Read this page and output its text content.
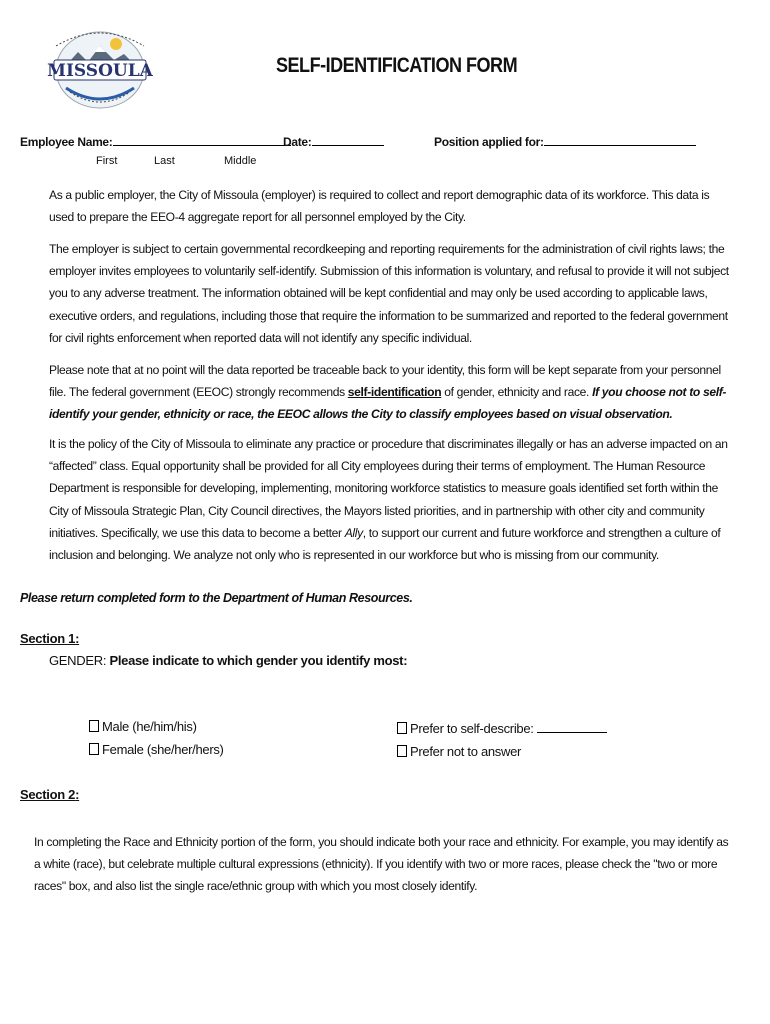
MISSOULA	SELF-IDENTIFICATION FORM
Employee Name:	Date:	Position applied for:
First	Last	Middle

As a public employer, the City of Missoula (employer) is required to collect and report demographic data of its workforce. This data is used to prepare the EEO-4 aggregate report for all personnel employed by the City.

The employer is subject to certain governmental recordkeeping and reporting requirements for the administration of civil rights laws; the employer invites employees to voluntarily self-identify. Submission of this information is voluntary, and refusal to provide it will not subject you to any adverse treatment. The information obtained will be kept confidential and may only be used according to applicable laws, executive orders, and regulations, including those that require the information to be summarized and reported to the federal government for civil rights enforcement when reported data will not identify any specific individual.

Please note that at no point will the data reported be traceable back to your identity, this form will be kept separate from your personnel file. The federal government (EEOC) strongly recommends self-identification of gender, ethnicity and race. If you choose not to self-identify your gender, ethnicity or race, the EEOC allows the City to classify employees based on visual observation.

It is the policy of the City of Missoula to eliminate any practice or procedure that discriminates illegally or has an adverse impacted on an “affected” class. Equal opportunity shall be provided for all City employees during their terms of employment. The Human Resource Department is responsible for developing, implementing, monitoring workforce statistics to measure goals identified set forth within the City of Missoula Strategic Plan, City Council directives, the Mayors listed priorities, and in partnership with other city and community initiatives. Specifically, we use this data to become a better Ally, to support our current and future workforce and strengthen a culture of inclusion and belonging. We analyze not only who is represented in our workforce but who is missing from our community.

Please return completed form to the Department of Human Resources.
Section 1:
GENDER: Please indicate to which gender you identify most:
Male (he/him/his)
Female (she/her/hers)
Prefer to self-describe:
Prefer not to answer
Section 2:

In completing the Race and Ethnicity portion of the form, you should indicate both your race and ethnicity. For example, you may identify as a white (race), but celebrate multiple cultural expressions (ethnicity). If you identify with two or more races, please check the "two or more races" box, and also list the single race/ethnic group with which you most closely identify.
